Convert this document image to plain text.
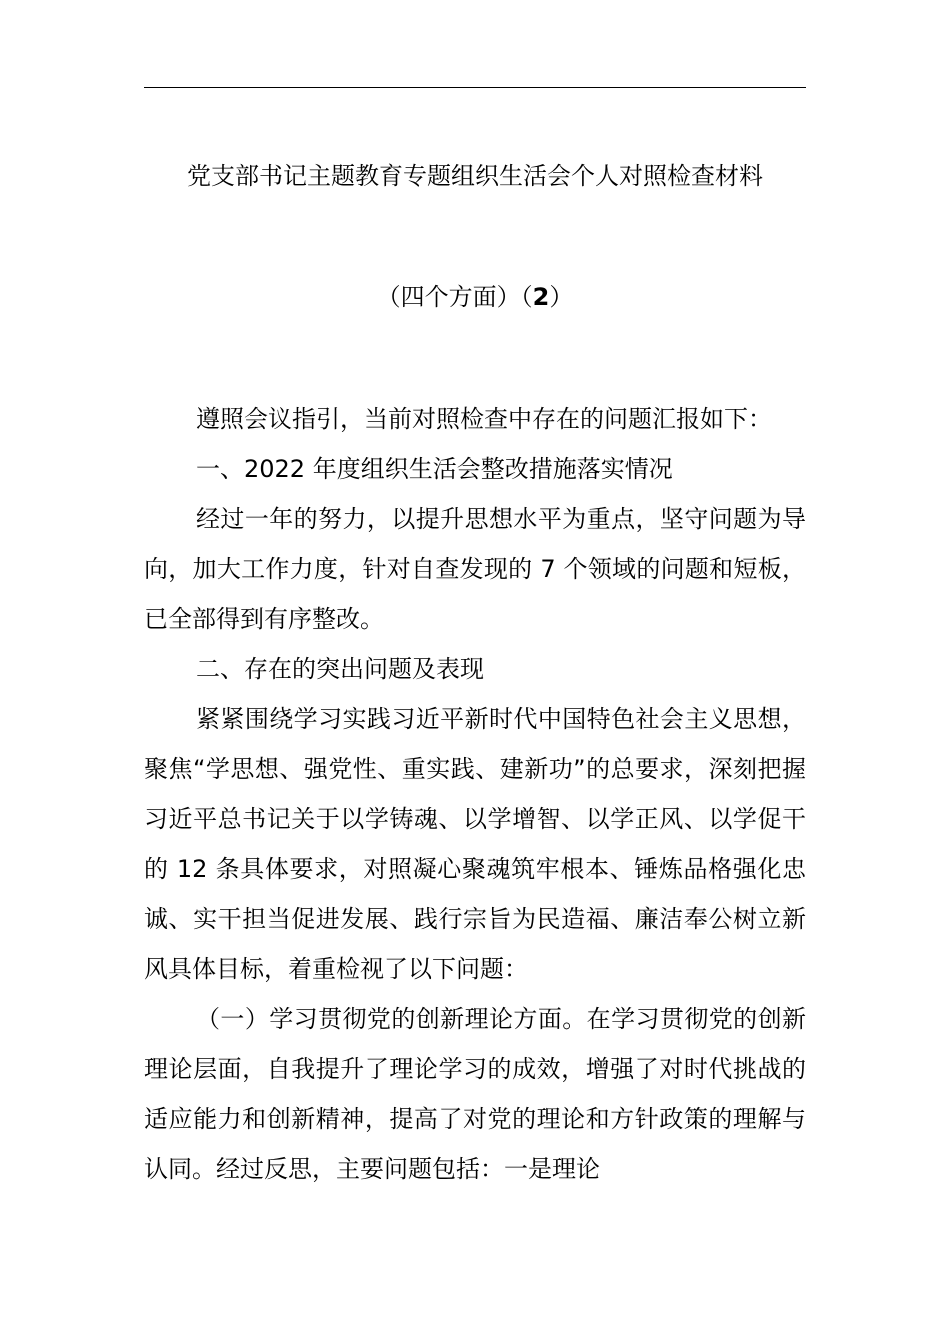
党支部书记主题教育专题组织生活会个人对照检查材料
（四个方面）（2）

遵照会议指引，当前对照检查中存在的问题汇报如下：

一、2022 年度组织生活会整改措施落实情况

经过一年的努力，以提升思想水平为重点，坚守问题为导向，加大工作力度，针对自查发现的 7 个领域的问题和短板，已全部得到有序整改。

二、存在的突出问题及表现

紧紧围绕学习实践习近平新时代中国特色社会主义思想，聚焦“学思想、强党性、重实践、建新功”的总要求，深刻把握习近平总书记关于以学铸魂、以学增智、以学正风、以学促干的 12 条具体要求，对照凝心聚魂筑牢根本、锤炼品格强化忠诚、实干担当促进发展、践行宗旨为民造福、廉洁奉公树立新风具体目标，着重检视了以下问题：

（一）学习贯彻党的创新理论方面。在学习贯彻党的创新理论层面，自我提升了理论学习的成效，增强了对时代挑战的适应能力和创新精神，提高了对党的理论和方针政策的理解与认同。经过反思，主要问题包括：一是理论
